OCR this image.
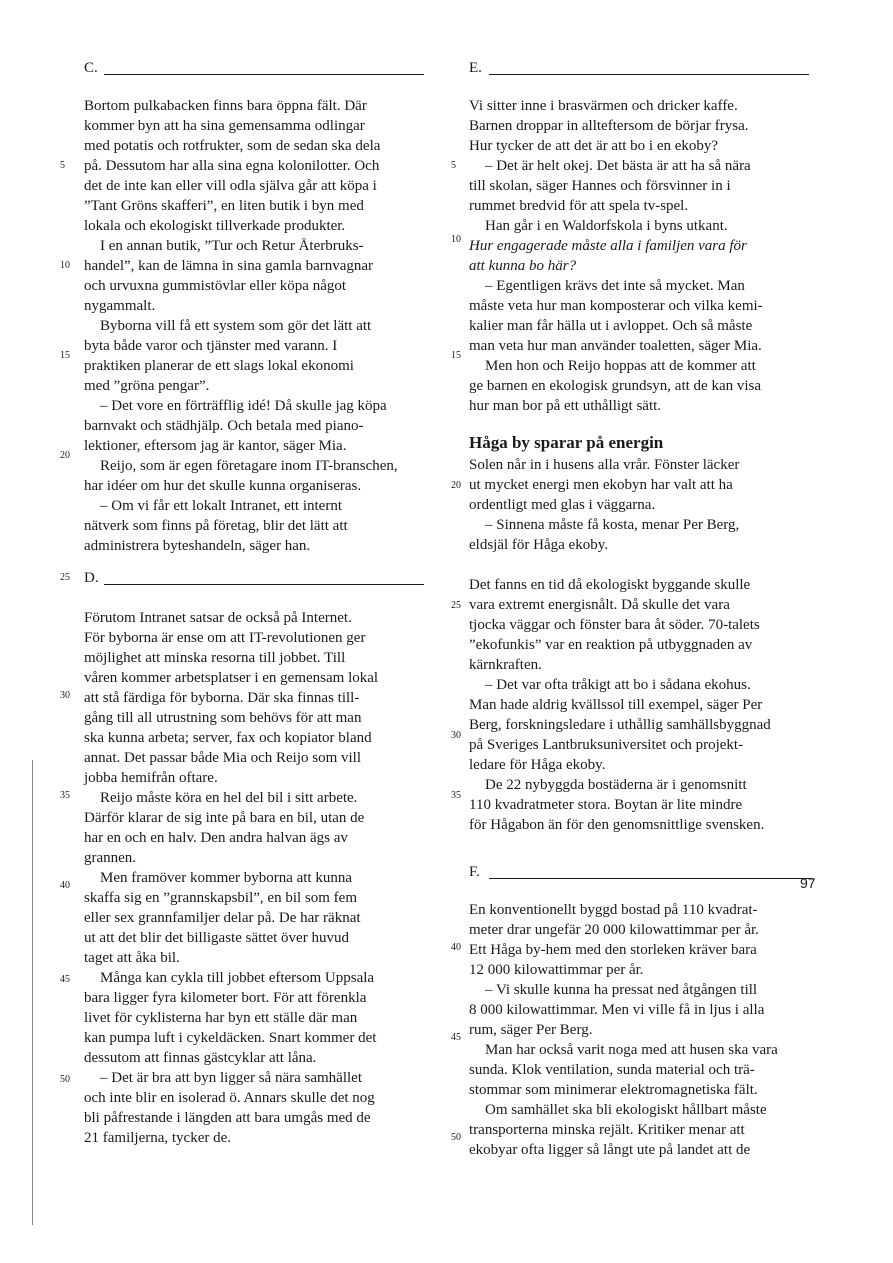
C.
Bortom pulkabacken finns bara öppna fält. Där
kommer byn att ha sina gemensamma odlingar
med potatis och rotfrukter, som de sedan ska dela
på. Dessutom har alla sina egna kolonilotter. Och
det de inte kan eller vill odla själva går att köpa i
”Tant Gröns skafferi”, en liten butik i byn med
lokala och ekologiskt tillverkade produkter.
I en annan butik, ”Tur och Retur Återbruks-
handel”, kan de lämna in sina gamla barnvagnar
och urvuxna gummistövlar eller köpa något
nygammalt.
Byborna vill få ett system som gör det lätt att
byta både varor och tjänster med varann. I
praktiken planerar de ett slags lokal ekonomi
med ”gröna pengar”.
– Det vore en förträfflig idé! Då skulle jag köpa
barnvakt och städhjälp. Och betala med piano-
lektioner, eftersom jag är kantor, säger Mia.
Reijo, som är egen företagare inom IT-branschen,
har idéer om hur det skulle kunna organiseras.
– Om vi får ett lokalt Intranet, ett internt
nätverk som finns på företag, blir det lätt att
administrera byteshandeln, säger han.
D.
Förutom Intranet satsar de också på Internet.
För byborna är ense om att IT-revolutionen ger
möjlighet att minska resorna till jobbet. Till
våren kommer arbetsplatser i en gemensam lokal
att stå färdiga för byborna. Där ska finnas till-
gång till all utrustning som behövs för att man
ska kunna arbeta; server, fax och kopiator bland
annat. Det passar både Mia och Reijo som vill
jobba hemifrån oftare.
Reijo måste köra en hel del bil i sitt arbete.
Därför klarar de sig inte på bara en bil, utan de
har en och en halv. Den andra halvan ägs av
grannen.
Men framöver kommer byborna att kunna
skaffa sig en ”grannskapsbil”, en bil som fem
eller sex grannfamiljer delar på. De har räknat
ut att det blir det billigaste sättet över huvud
taget att åka bil.
Många kan cykla till jobbet eftersom Uppsala
bara ligger fyra kilometer bort. För att förenkla
livet för cyklisterna har byn ett ställe där man
kan pumpa luft i cykeldäcken. Snart kommer det
dessutom att finnas gästcyklar att låna.
– Det är bra att byn ligger så nära samhället
och inte blir en isolerad ö. Annars skulle det nog
bli påfrestande i längden att bara umgås med de
21 familjerna, tycker de.
5
10
15
20
25
30
35
40
45
50
E.
Vi sitter inne i brasvärmen och dricker kaffe.
Barnen droppar in allteftersom de börjar frysa.
Hur tycker de att det är att bo i en ekoby?
– Det är helt okej. Det bästa är att ha så nära
till skolan, säger Hannes och försvinner in i
rummet bredvid för att spela tv-spel.
Han går i en Waldorfskola i byns utkant.
Hur engagerade måste alla i familjen vara för
att kunna bo här?
– Egentligen krävs det inte så mycket. Man
måste veta hur man komposterar och vilka kemi-
kalier man får hälla ut i avloppet. Och så måste
man veta hur man använder toaletten, säger Mia.
Men hon och Reijo hoppas att de kommer att
ge barnen en ekologisk grundsyn, att de kan visa
hur man bor på ett uthålligt sätt.
Håga by sparar på energin
Solen når in i husens alla vrår. Fönster läcker
ut mycket energi men ekobyn har valt att ha
ordentligt med glas i väggarna.
– Sinnena måste få kosta, menar Per Berg,
eldsjäl för Håga ekoby.
Det fanns en tid då ekologiskt byggande skulle
vara extremt energisnålt. Då skulle det vara
tjocka väggar och fönster bara åt söder. 70-talets
”ekofunkis” var en reaktion på utbyggnaden av
kärnkraften.
– Det var ofta tråkigt att bo i sådana ekohus.
Man hade aldrig kvällssol till exempel, säger Per
Berg, forskningsledare i uthållig samhällsbyggnad
på Sveriges Lantbruksuniversitet och projekt-
ledare för Håga ekoby.
De 22 nybyggda bostäderna är i genomsnitt
110 kvadratmeter stora. Boytan är lite mindre
för Hågabon än för den genomsnittlige svensken.
F.
En konventionellt byggd bostad på 110 kvadrat-
meter drar ungefär 20 000 kilowattimmar per år.
Ett Håga by-hem med den storleken kräver bara
12 000 kilowattimmar per år.
– Vi skulle kunna ha pressat ned åtgången till
8 000 kilowattimmar. Men vi ville få in ljus i alla
rum, säger Per Berg.
Man har också varit noga med att husen ska vara
sunda. Klok ventilation, sunda material och trä-
stommar som minimerar elektromagnetiska fält.
Om samhället ska bli ekologiskt hållbart måste
transporterna minska rejält. Kritiker menar att
ekobyar ofta ligger så långt ute på landet att de
5
10
15
20
25
30
35
40
45
50
97
